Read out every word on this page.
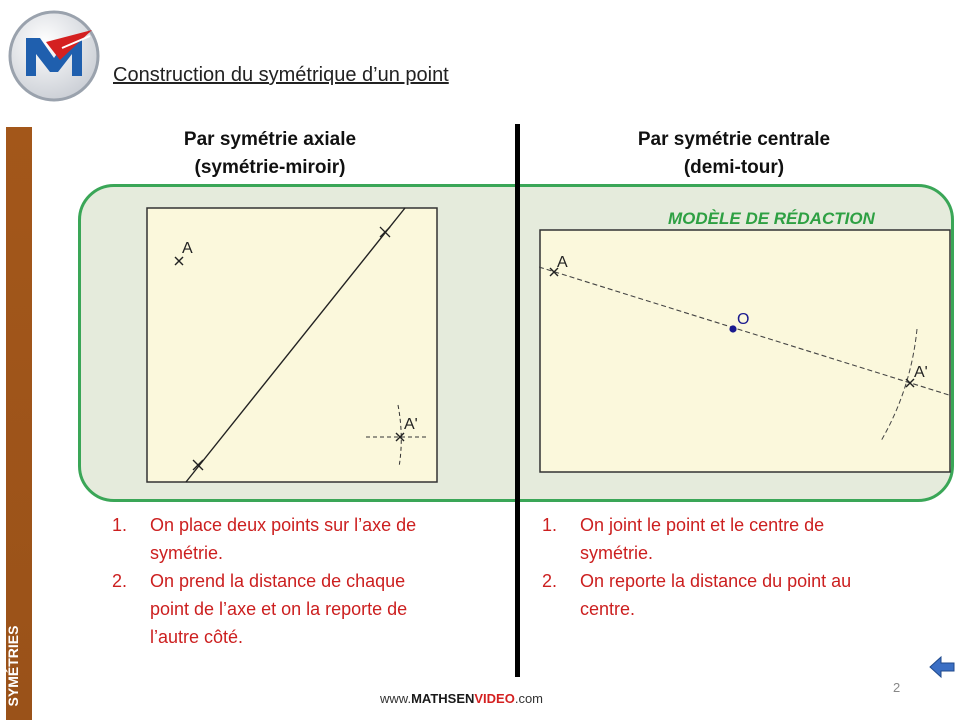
Construction du symétrique d’un point
SYMÉTRIES
Par symétrie axiale
(symétrie-miroir)
Par symétrie centrale
(demi-tour)
MODÈLE DE RÉDACTION
A
A'
A
O
A'
1. On place deux points sur l’axe de
symétrie.
2. On prend la distance de chaque
point de l’axe et on la reporte de
l’autre côté.
1. On joint le point et le centre de
symétrie.
2. On reporte la distance du point au
centre.
www.MATHSENVIDEO.com
2
